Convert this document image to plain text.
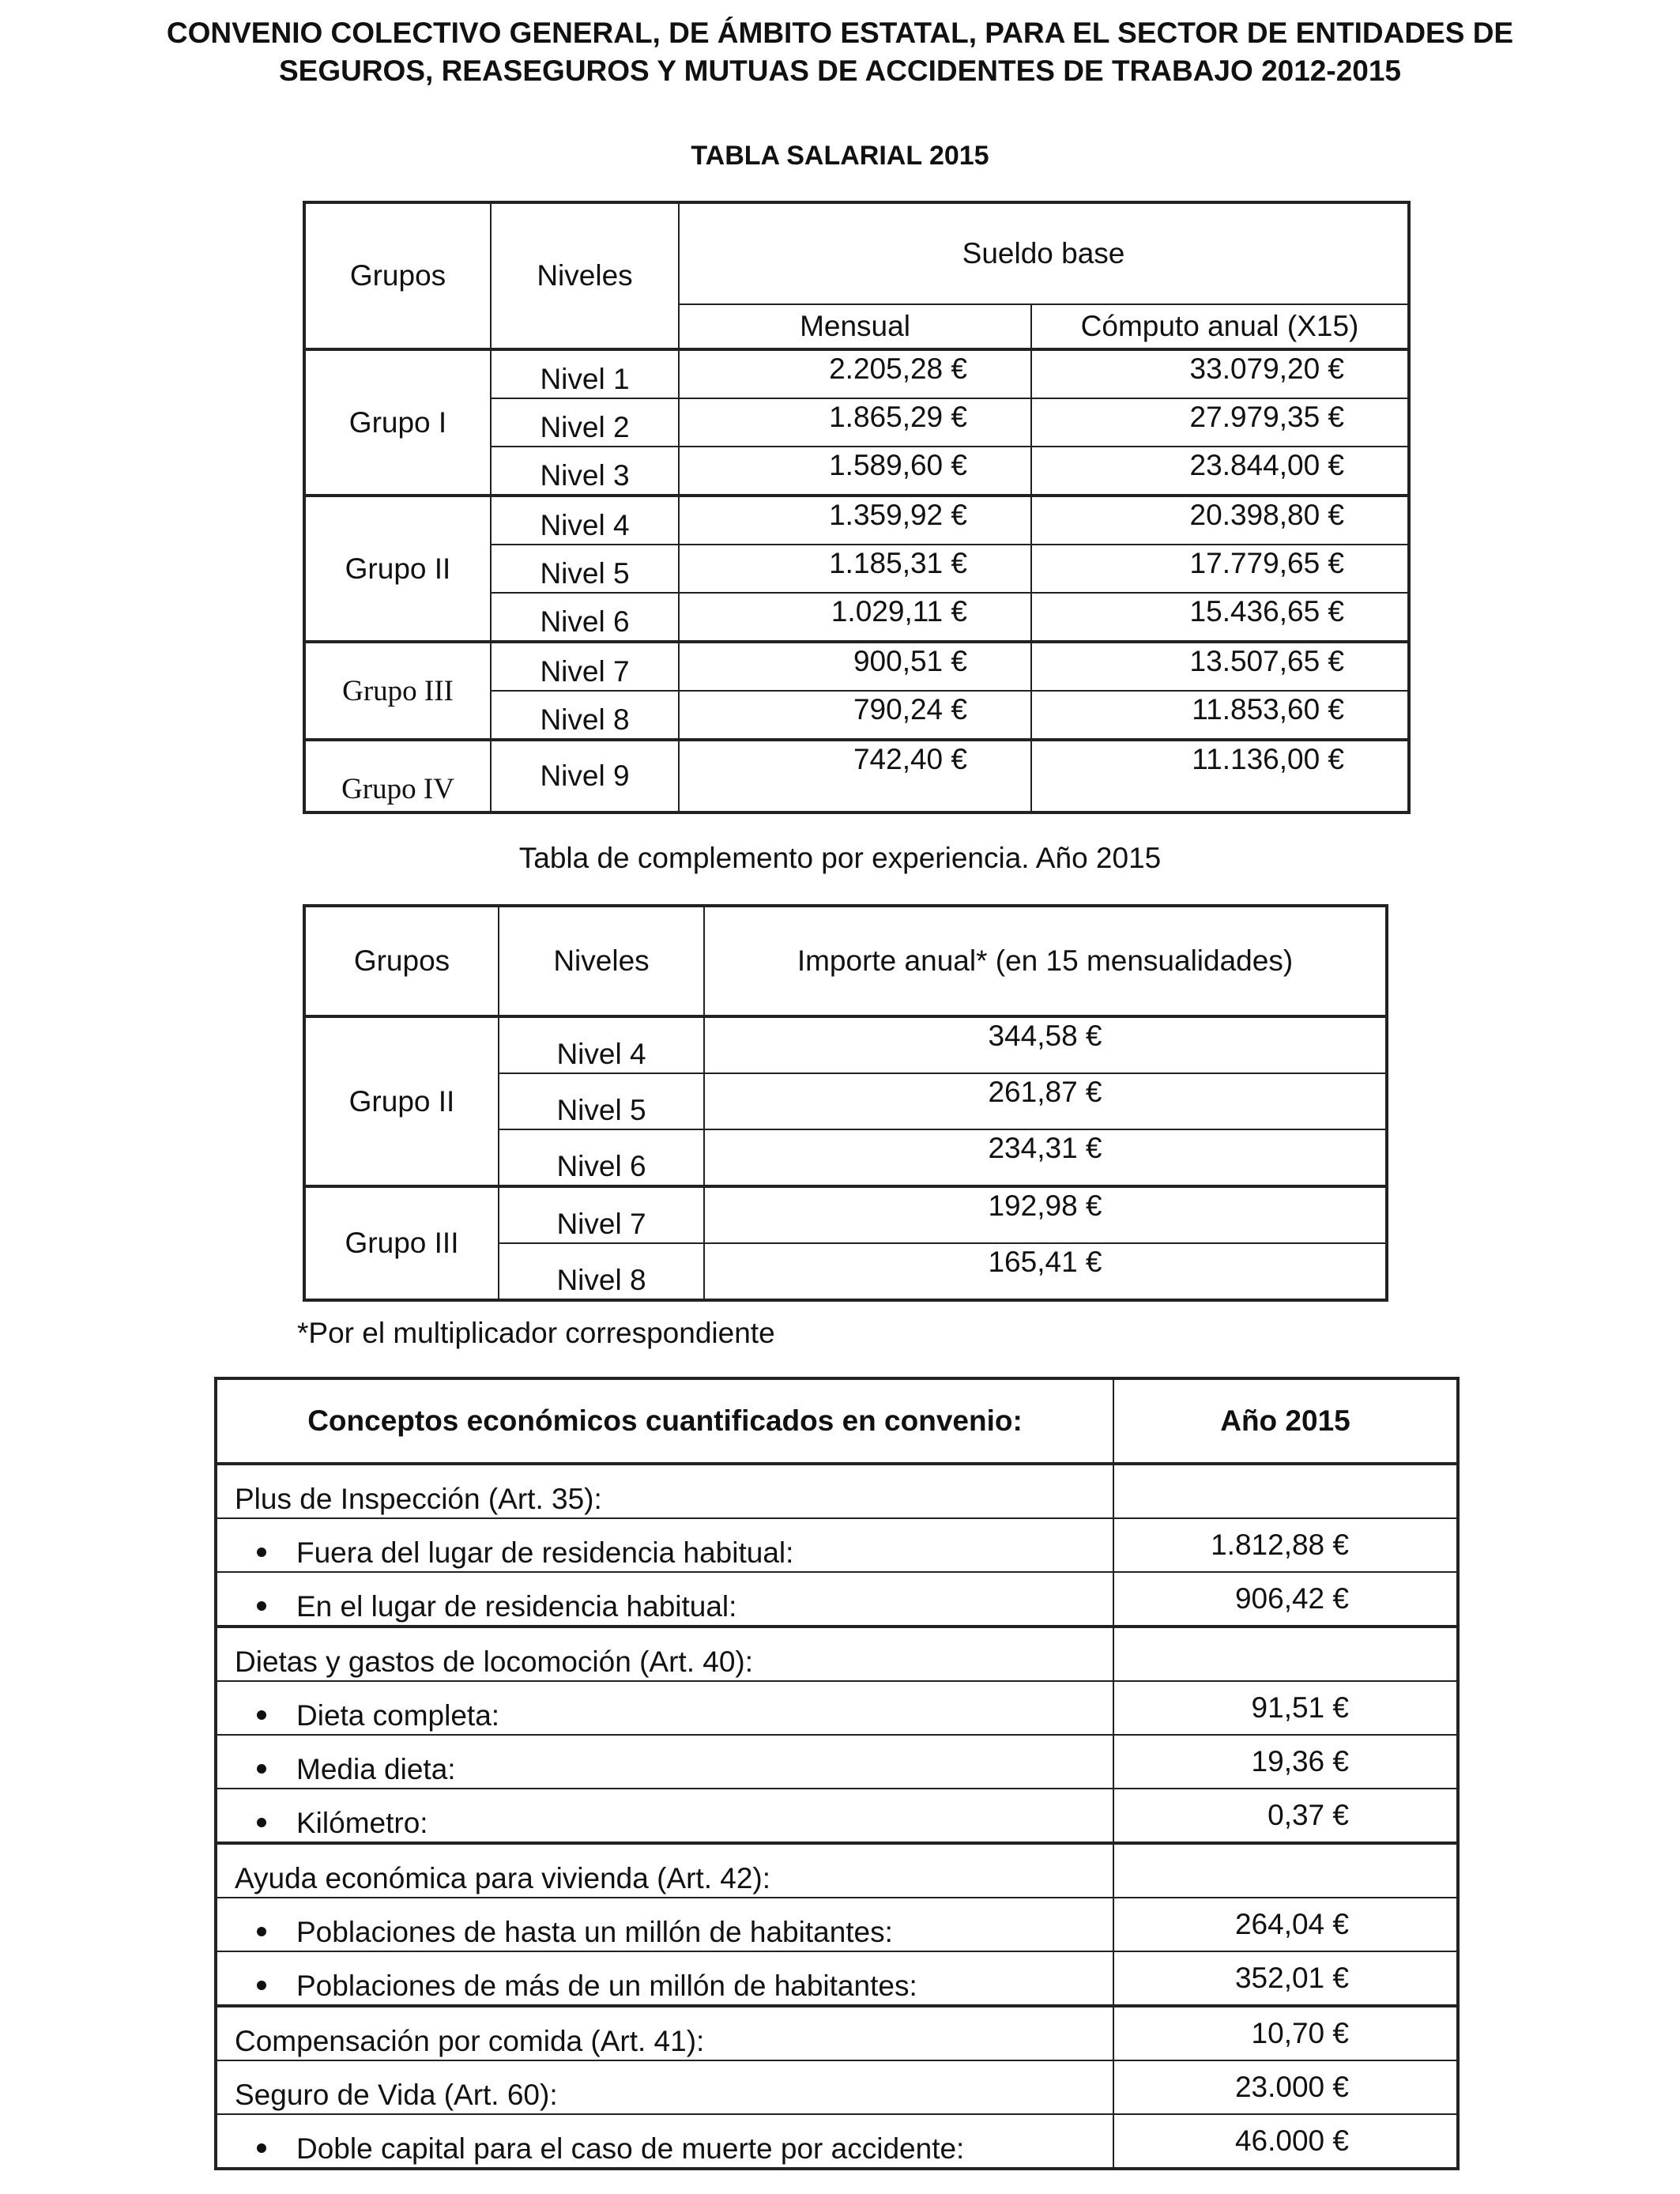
CONVENIO COLECTIVO GENERAL, DE ÁMBITO ESTATAL, PARA EL SECTOR DE ENTIDADES DE
SEGUROS, REASEGUROS Y MUTUAS DE ACCIDENTES DE TRABAJO 2012-2015
TABLA SALARIAL 2015
Grupos	Niveles	Sueldo base	
		Mensual	Cómputo anual (X15)
Grupo I	Nivel 1	2.205,28 €	33.079,20 €
	Nivel 2	1.865,29 €	27.979,35 €
	Nivel 3	1.589,60 €	23.844,00 €
Grupo II	Nivel 4	1.359,92 €	20.398,80 €
	Nivel 5	1.185,31 €	17.779,65 €
	Nivel 6	1.029,11 €	15.436,65 €
Grupo III	Nivel 7	900,51 €	13.507,65 €
	Nivel 8	790,24 €	11.853,60 €
Grupo IV	Nivel 9	742,40 €	11.136,00 €
Tabla de complemento por experiencia. Año 2015
Grupos	Niveles	Importe anual* (en 15 mensualidades)
Grupo II	Nivel 4	344,58 €
	Nivel 5	261,87 €
	Nivel 6	234,31 €
Grupo III	Nivel 7	192,98 €
	Nivel 8	165,41 €
*Por el multiplicador correspondiente
Conceptos económicos cuantificados en convenio:	Año 2015
Plus de Inspección (Art. 35):	

Fuera del lugar de residencia habitual:	1.812,88 €

En el lugar de residencia habitual:	906,42 €
Dietas y gastos de locomoción (Art. 40):	

Dieta completa:	91,51 €

Media dieta:	19,36 €

Kilómetro:	0,37 €
Ayuda económica para vivienda (Art. 42):	

Poblaciones de hasta un millón de habitantes:	264,04 €

Poblaciones de más de un millón de habitantes:	352,01 €
Compensación por comida (Art. 41):	10,70 €
Seguro de Vida (Art. 60):	23.000 €

Doble capital para el caso de muerte por accidente:	46.000 €
